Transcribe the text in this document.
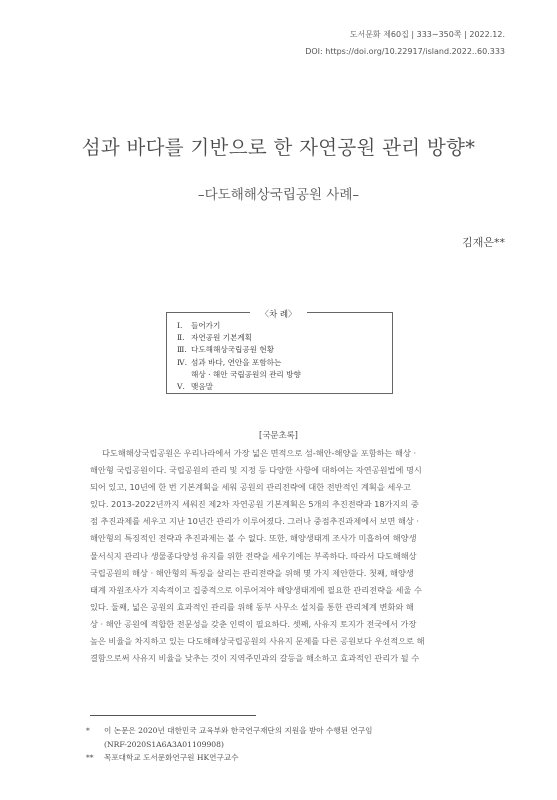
도서문화 제60집 | 333∼350쪽 | 2022.12.
DOI: https://doi.org/10.22917/island.2022..60.333
섬과 바다를 기반으로 한 자연공원 관리 방향*
–다도해해상국립공원 사례–
김재은**
〈차 례〉
Ⅰ. 들어가기
Ⅱ. 자연공원 기본계획
Ⅲ. 다도해해상국립공원 현황
Ⅳ. 섬과 바다, 연안을 포함하는
해상 · 해안 국립공원의 관리 방향
Ⅴ. 맺음말
[국문초록]
다도해해상국립공원은 우리나라에서 가장 넓은 면적으로 섬-해안-해양을 포함하는 해상 ·
해안형 국립공원이다. 국립공원의 관리 및 지정 등 다양한 사항에 대하여는 자연공원법에 명시
되어 있고, 10년에 한 번 기본계획을 세워 공원의 관리전략에 대한 전반적인 계획을 세우고
있다. 2013-2022년까지 세워진 제2차 자연공원 기본계획은 5개의 추진전략과 18가지의 중
점 추진과제를 세우고 지난 10년간 관리가 이루어졌다. 그러나 중점추진과제에서 보면 해상 ·
해안형의 특징적인 전략과 추진과제는 볼 수 없다. 또한, 해양생태계 조사가 미흡하여 해양생
물서식지 관리나 생물종다양성 유지를 위한 전략을 세우기에는 부족하다. 따라서 다도해해상
국립공원의 해상 · 해안형의 특징을 살리는 관리전략을 위해 몇 가지 제안한다. 첫째, 해양생
태계 자원조사가 지속적이고 집중적으로 이루어져야 해양생태계에 필요한 관리전략을 세울 수
있다. 둘째, 넓은 공원의 효과적인 관리를 위해 동부 사무소 설치를 통한 관리체계 변화와 해
상 · 해안 공원에 적합한 전문성을 갖춘 인력이 필요하다. 셋째, 사유지 토지가 전국에서 가장
높은 비율을 차지하고 있는 다도해해상국립공원의 사유지 문제를 다른 공원보다 우선적으로 해
결함으로써 사유지 비율을 낮추는 것이 지역주민과의 갈등을 해소하고 효과적인 관리가 될 수
* 이 논문은 2020년 대한민국 교육부와 한국연구재단의 지원을 받아 수행된 연구임
(NRF-2020S1A6A3A01109908)
** 목포대학교 도서문화연구원 HK연구교수
